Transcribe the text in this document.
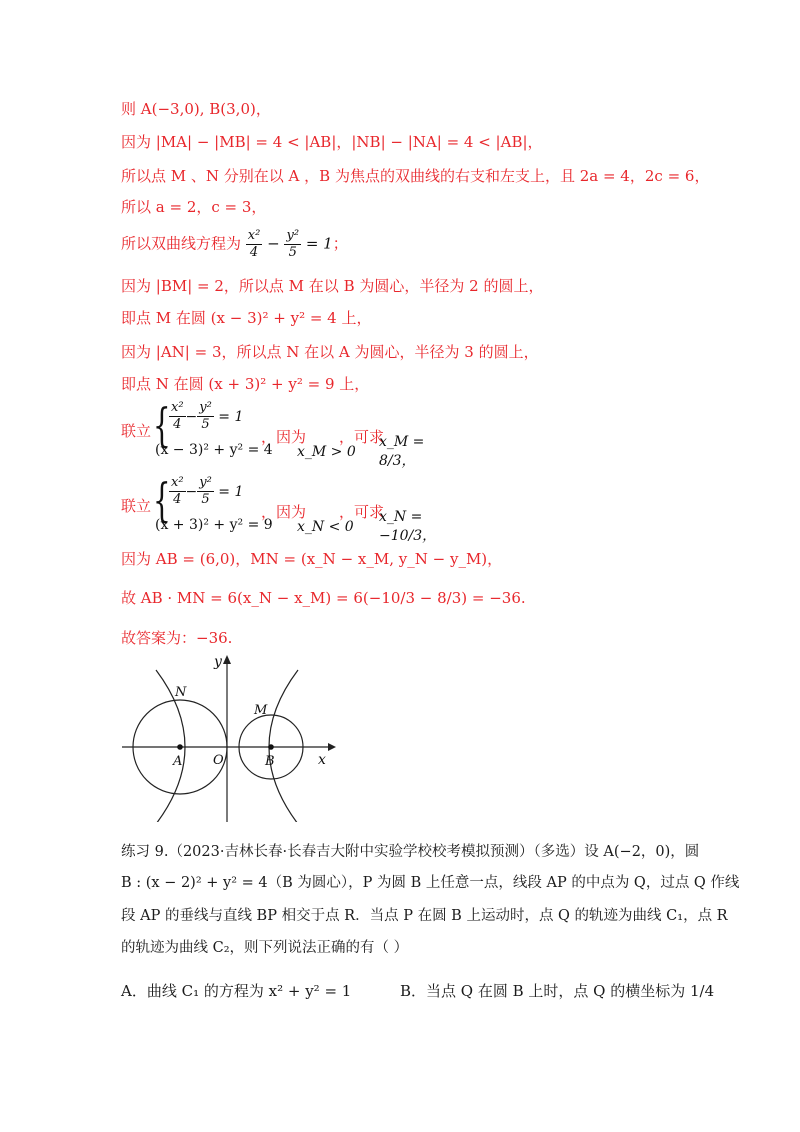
则 A(−3,0), B(3,0)，
因为 |MA| − |MB| = 4 < |AB|，|NB| − |NA| = 4 < |AB|，
所以点 M 、N 分别在以 A ，B 为焦点的双曲线的右支和左支上，且 2a = 4，2c = 6，
所以 a = 2，c = 3，
所以双曲线方程为 $\frac{\text{x²}}{4} - \frac{\text{y²}}{5} = 1$；
因为 |BM| = 2，所以点 M 在以 B 为圆心，半径为 2 的圆上，
即点 M 在圆 (x − 3)² + y² = 4 上，
因为 |AN| = 3，所以点 N 在以 A 为圆心，半径为 3 的圆上，
即点 N 在圆 (x + 3)² + y² = 9 上，
联立 {
$\frac{\text{x²}}{4} - \frac{\text{y²}}{5} = 1$
(x − 3)² + y² = 4
，因为
x_M > 0
，可求
x_M = 8/3，
联立 {
$\frac{\text{x²}}{4} - \frac{\text{y²}}{5} = 1$
(x + 3)² + y² = 9
，因为
x_N < 0
，可求
x_N = −10/3，
因为 AB = (6,0)，MN = (x_N − x_M, y_N − y_M)，
故 AB · MN = 6(x_N − x_M) = 6(−10/3 − 8/3) = −36.
故答案为：−36.
y
x
O
A	B
M
N
练习 9.（2023·吉林长春·长春吉大附中实验学校校考模拟预测）（多选）设 A(−2，0)，圆
B : (x − 2)² + y² = 4（B 为圆心），P 为圆 B 上任意一点，线段 AP 的中点为 Q，过点 Q 作线
段 AP 的垂线与直线 BP 相交于点 R．当点 P 在圆 B 上运动时，点 Q 的轨迹为曲线 C₁，点 R
的轨迹为曲线 C₂，则下列说法正确的有（ ）
A．曲线 C₁ 的方程为 x² + y² = 1	B．当点 Q 在圆 B 上时，点 Q 的横坐标为 1/4
